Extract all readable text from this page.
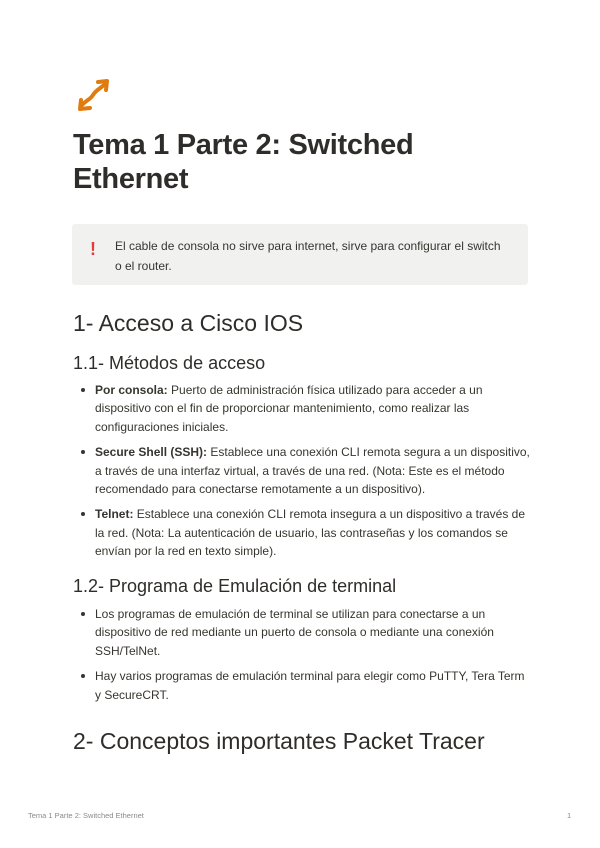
Tema 1 Parte 2: Switched Ethernet
! El cable de consola no sirve para internet, sirve para configurar el switch o el router.
1- Acceso a Cisco IOS
1.1- Métodos de acceso
Por consola: Puerto de administración física utilizado para acceder a un dispositivo con el fin de proporcionar mantenimiento, como realizar las configuraciones iniciales.
Secure Shell (SSH): Establece una conexión CLI remota segura a un dispositivo, a través de una interfaz virtual, a través de una red. (Nota: Este es el método recomendado para conectarse remotamente a un dispositivo).
Telnet: Establece una conexión CLI remota insegura a un dispositivo a través de la red. (Nota: La autenticación de usuario, las contraseñas y los comandos se envían por la red en texto simple).
1.2- Programa de Emulación de terminal
Los programas de emulación de terminal se utilizan para conectarse a un dispositivo de red mediante un puerto de consola o mediante una conexión SSH/TelNet.
Hay varios programas de emulación terminal para elegir como PuTTY, Tera Term y SecureCRT.
2- Conceptos importantes Packet Tracer
Tema 1 Parte 2: Switched Ethernet	1
